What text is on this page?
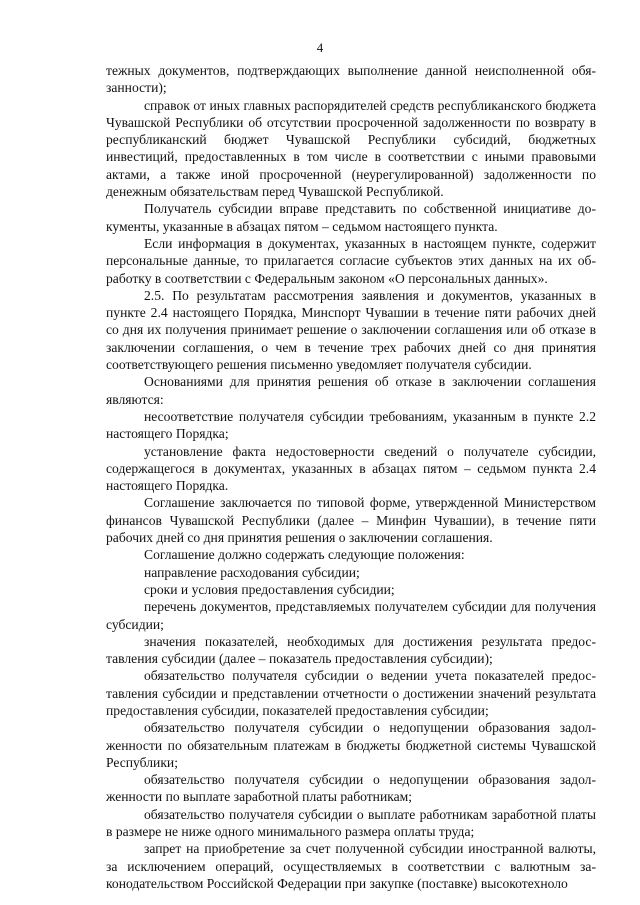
4

тежных документов, подтверждающих выполнение данной неисполненной обязанности);

справок от иных главных распорядителей средств республиканского бюджета Чувашской Республики об отсутствии просроченной задолженности по возврату в республиканский бюджет Чувашской Республики субсидий, бюджетных инвестиций, предоставленных в том числе в соответствии с иными правовыми актами, а также иной просроченной (неурегулированной) задолженности по денежным обязательствам перед Чувашской Республикой.

Получатель субсидии вправе представить по собственной инициативе документы, указанные в абзацах пятом – седьмом настоящего пункта.

Если информация в документах, указанных в настоящем пункте, содержит персональные данные, то прилагается согласие субъектов этих данных на их обработку в соответствии с Федеральным законом «О персональных данных».

2.5. По результатам рассмотрения заявления и документов, указанных в пункте 2.4 настоящего Порядка, Минспорт Чувашии в течение пяти рабочих дней со дня их получения принимает решение о заключении соглашения или об отказе в заключении соглашения, о чем в течение трех рабочих дней со дня принятия соответствующего решения письменно уведомляет получателя субсидии.

Основаниями для принятия решения об отказе в заключении соглашения являются:

несоответствие получателя субсидии требованиям, указанным в пункте 2.2 настоящего Порядка;

установление факта недостоверности сведений о получателе субсидии, содержащегося в документах, указанных в абзацах пятом – седьмом пункта 2.4 настоящего Порядка.

Соглашение заключается по типовой форме, утвержденной Министерством финансов Чувашской Республики (далее – Минфин Чувашии), в течение пяти рабочих дней со дня принятия решения о заключении соглашения.

Соглашение должно содержать следующие положения:

направление расходования субсидии;

сроки и условия предоставления субсидии;

перечень документов, представляемых получателем субсидии для получения субсидии;

значения показателей, необходимых для достижения результата предоставления субсидии (далее – показатель предоставления субсидии);

обязательство получателя субсидии о ведении учета показателей предоставления субсидии и представлении отчетности о достижении значений результата предоставления субсидии, показателей предоставления субсидии;

обязательство получателя субсидии о недопущении образования задолженности по обязательным платежам в бюджеты бюджетной системы Чувашской Республики;

обязательство получателя субсидии о недопущении образования задолженности по выплате заработной платы работникам;

обязательство получателя субсидии о выплате работникам заработной платы в размере не ниже одного минимального размера оплаты труда;

запрет на приобретение за счет полученной субсидии иностранной валюты, за исключением операций, осуществляемых в соответствии с валютным законодательством Российской Федерации при закупке (поставке) высокотехноло
